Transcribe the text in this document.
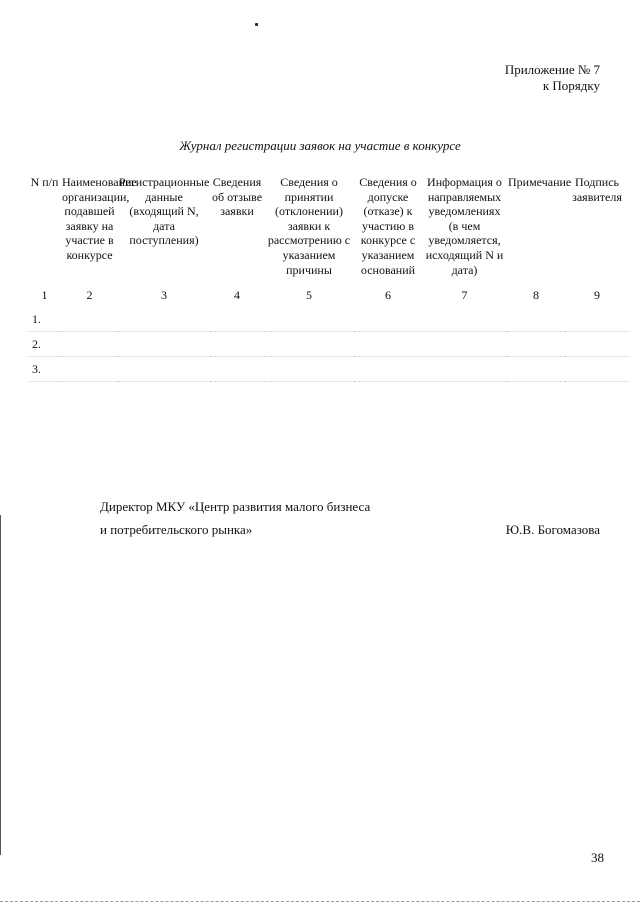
Приложение № 7
к Порядку
Журнал регистрации заявок на участие в конкурсе
N п/п	Наименование организации, подавшей заявку на участие в конкурсе	Регистрационные данные (входящий N, дата поступления)	Сведения об отзыве заявки	Сведения о принятии (отклонении) заявки к рассмотрению с указанием причины	Сведения о допуске (отказе) к участию в конкурсе с указанием оснований	Информация о направляемых уведомлениях (в чем уведомляется, исходящий N и дата)	Примечание	Подпись заявителя
1	2	3	4	5	6	7	8	9
1.								
2.								
3.								
Директор МКУ «Центр развития малого бизнеса
и потребительского рынка»	Ю.В. Богомазова
38
